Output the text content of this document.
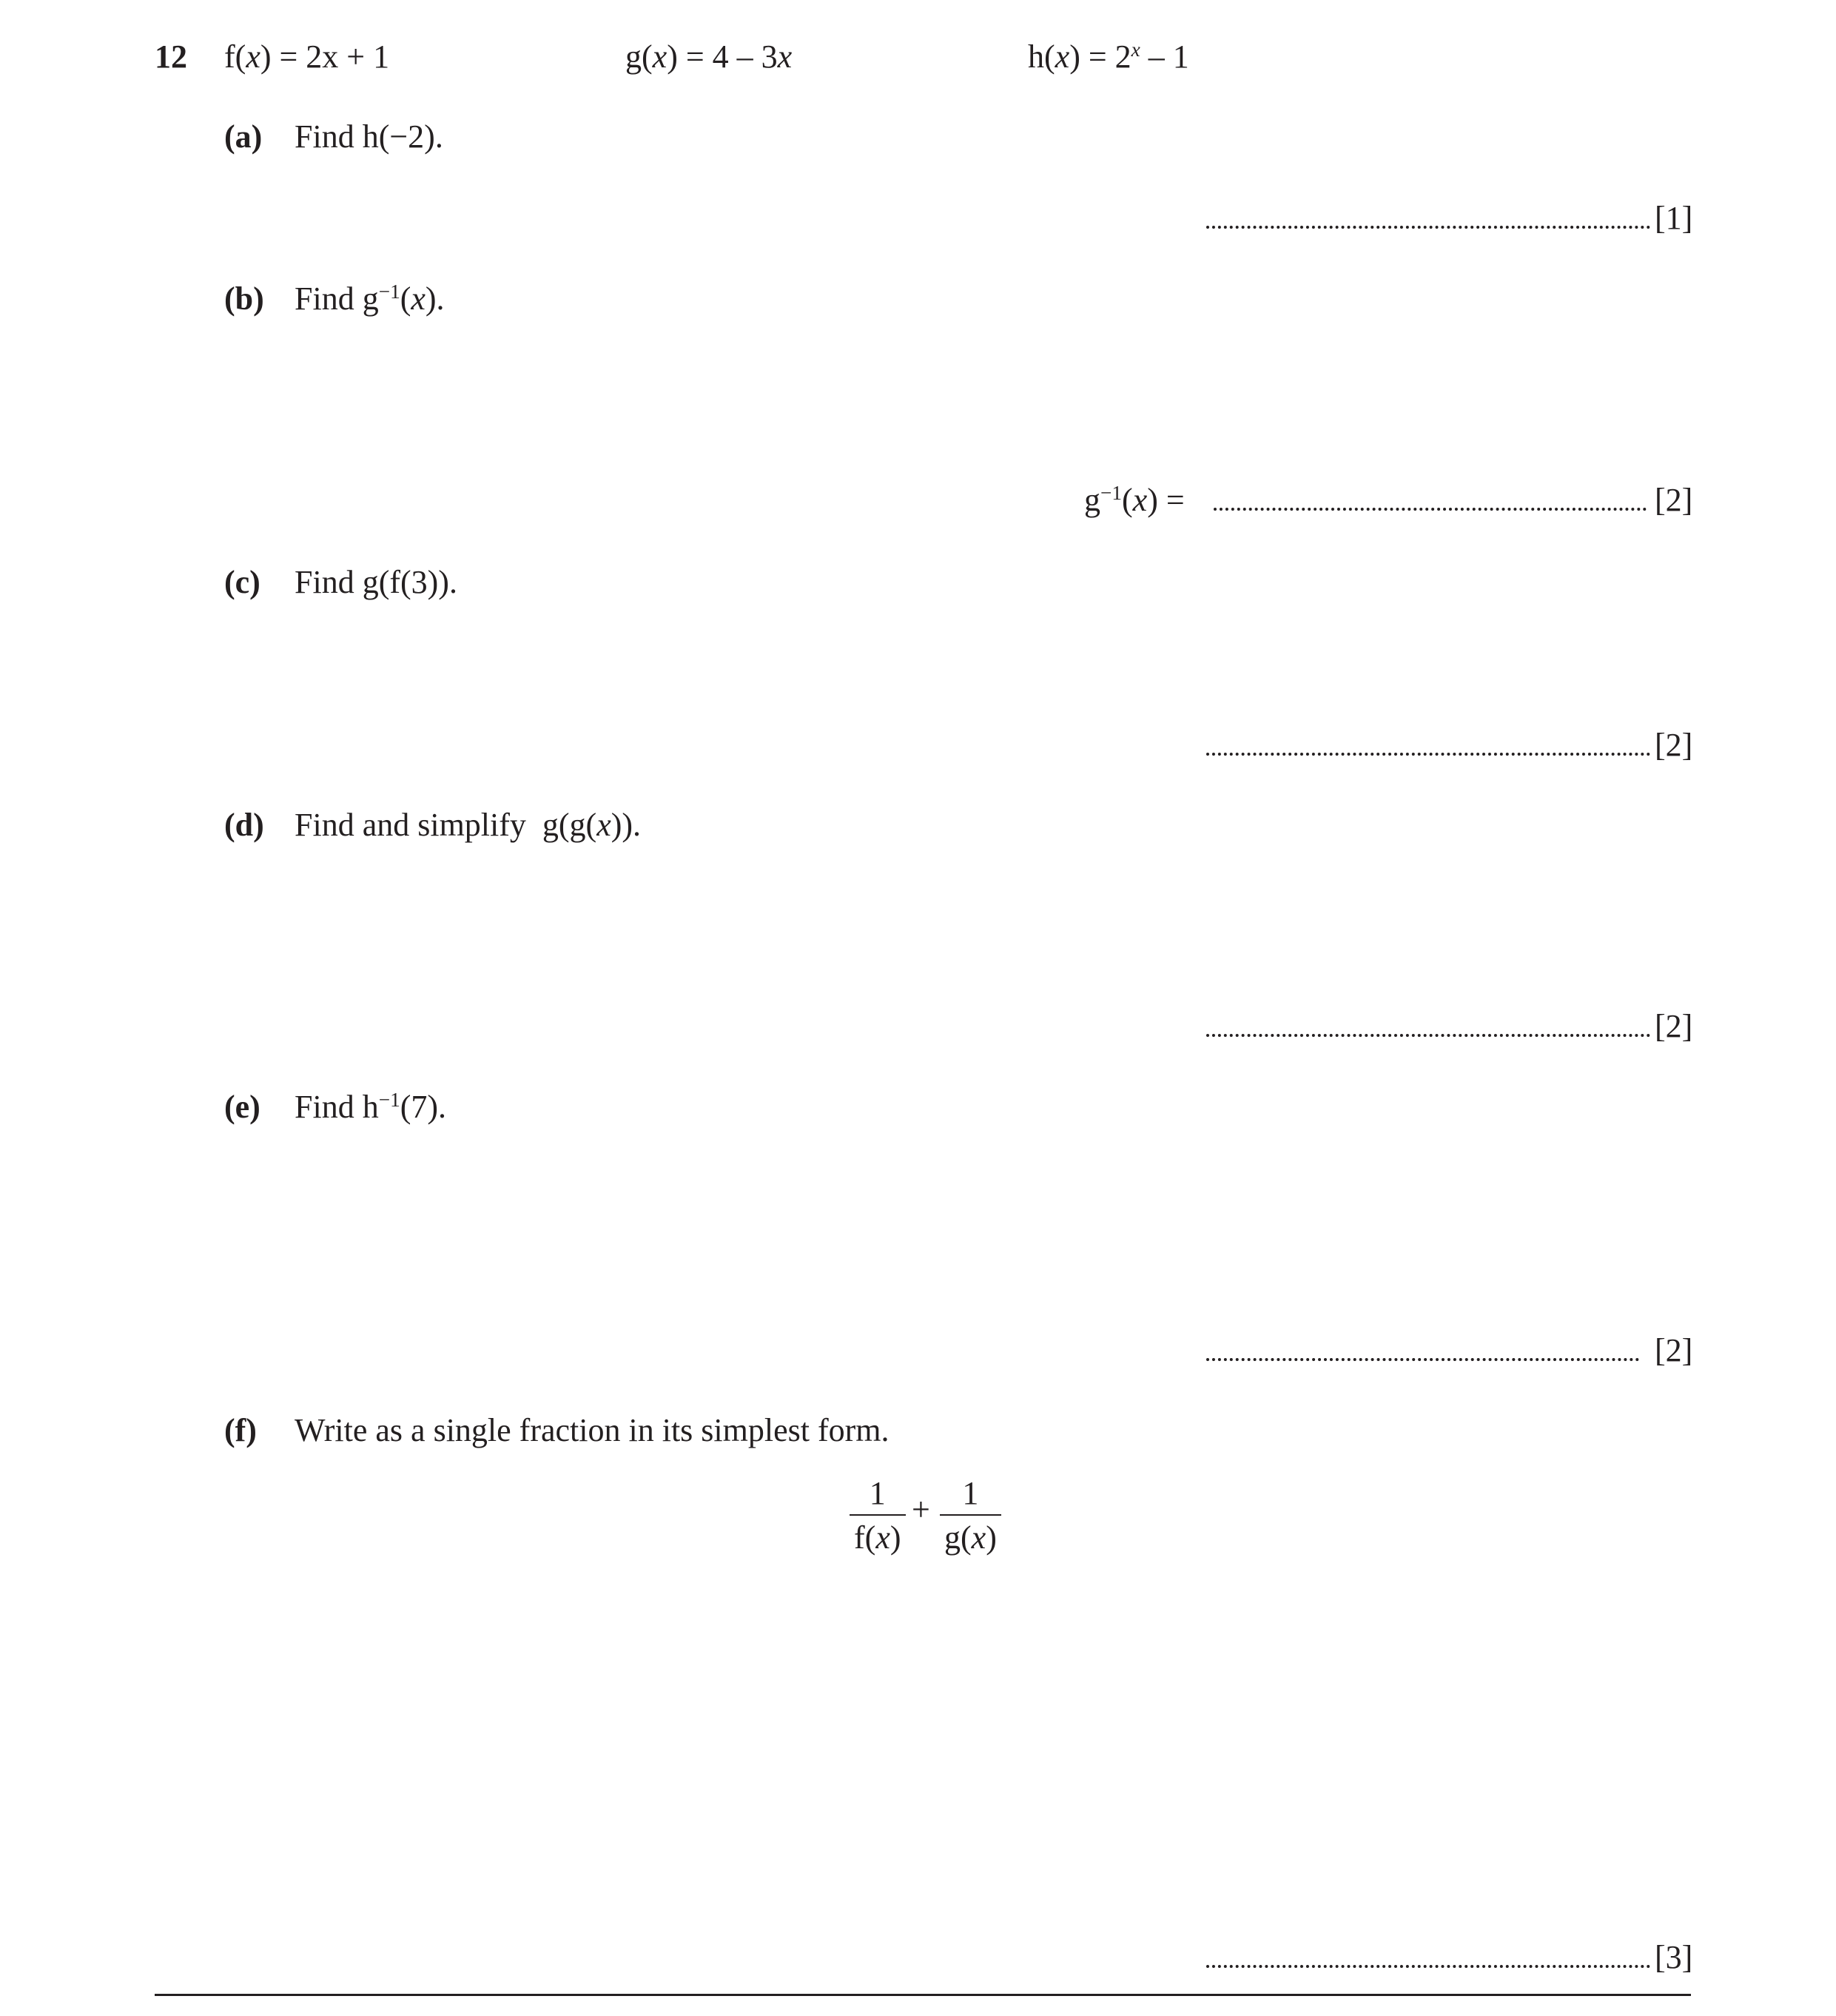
12 f(x) = 2x + 1	g(x) = 4 – 3x	$h(x) = 2^x - 1$
(a) Find h(−2).
[1]
(b) Find $g^{-1}(x)$.
$g^{-1}(x)$ =	[2]
(c) Find g(f(3)).
[2]
(d) Find and simplify  g(g(x)).
[2]
(e) Find $h^{-1}(7)$.
[2]
(f) Write as a single fraction in its simplest form.
1
f(x)
+ 1
g(x)
[3]
